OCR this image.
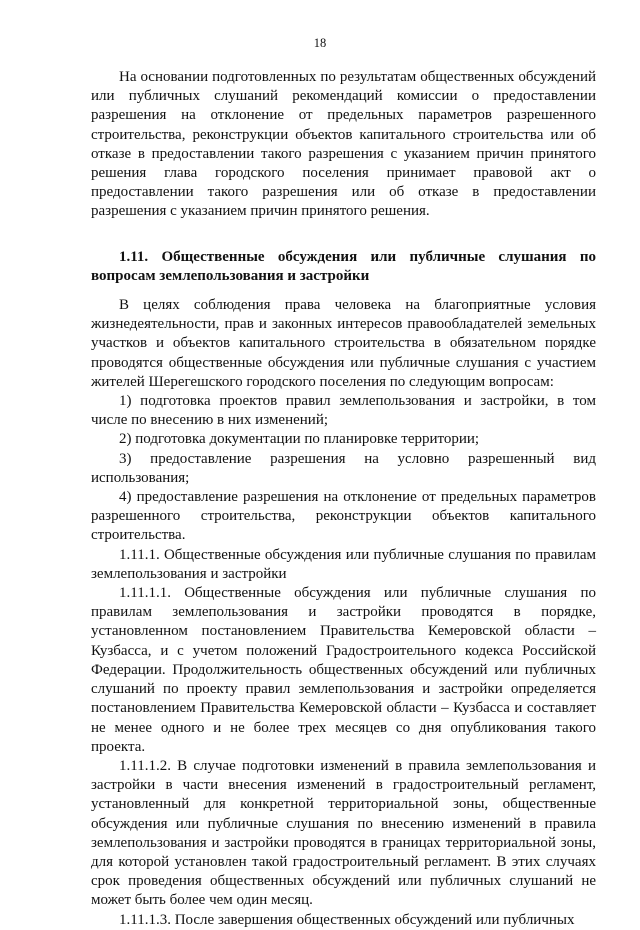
18

На основании подготовленных по результатам общественных обсуждений или публичных слушаний рекомендаций комиссии о предоставлении разрешения на отклонение от предельных параметров разрешенного строительства, реконструкции объектов капитального строительства или об отказе в предоставлении такого разрешения с указанием причин принятого решения глава городского поселения принимает правовой акт о предоставлении такого разрешения или об отказе в предоставлении разрешения с указанием причин принятого решения.

1.11. Общественные обсуждения или публичные слушания по вопросам землепользования и застройки

В целях соблюдения права человека на благоприятные условия жизнедеятельности, прав и законных интересов правообладателей земельных участков и объектов капитального строительства в обязательном порядке проводятся общественные обсуждения или публичные слушания с участием жителей Шерегешского городского поселения по следующим вопросам:

1) подготовка проектов правил землепользования и застройки, в том числе по внесению в них изменений;

2) подготовка документации по планировке территории;

3) предоставление разрешения на условно разрешенный вид использования;

4) предоставление разрешения на отклонение от предельных параметров разрешенного строительства, реконструкции объектов капитального строительства.

1.11.1. Общественные обсуждения или публичные слушания по правилам землепользования и застройки

1.11.1.1. Общественные обсуждения или публичные слушания по правилам землепользования и застройки проводятся в порядке, установленном постановлением Правительства Кемеровской области – Кузбасса, и с учетом положений Градостроительного кодекса Российской Федерации. Продолжительность общественных обсуждений или публичных слушаний по проекту правил землепользования и застройки определяется постановлением Правительства Кемеровской области – Кузбасса и составляет не менее одного и не более трех месяцев со дня опубликования такого проекта.

1.11.1.2. В случае подготовки изменений в правила землепользования и застройки в части внесения изменений в градостроительный регламент, установленный для конкретной территориальной зоны, общественные обсуждения или публичные слушания по внесению изменений в правила землепользования и застройки проводятся в границах территориальной зоны, для которой установлен такой градостроительный регламент. В этих случаях срок проведения общественных обсуждений или публичных слушаний не может быть более чем один месяц.

1.11.1.3. После завершения общественных обсуждений или публичных
